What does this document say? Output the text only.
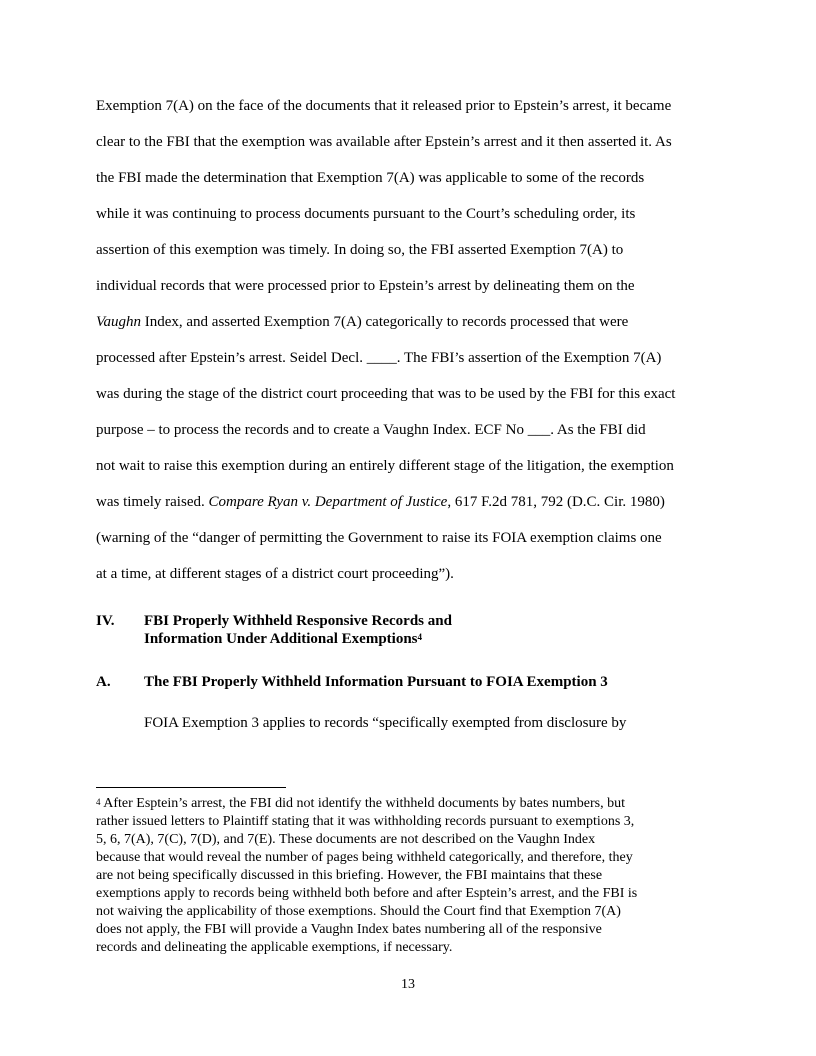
Exemption 7(A) on the face of the documents that it released prior to Epstein’s arrest, it became
clear to the FBI that the exemption was available after Epstein’s arrest and it then asserted it. As
the FBI made the determination that Exemption 7(A) was applicable to some of the records
while it was continuing to process documents pursuant to the Court’s scheduling order, its
assertion of this exemption was timely. In doing so, the FBI asserted Exemption 7(A) to
individual records that were processed prior to Epstein’s arrest by delineating them on the
Vaughn Index, and asserted Exemption 7(A) categorically to records processed that were
processed after Epstein’s arrest. Seidel Decl. ____. The FBI’s assertion of the Exemption 7(A)
was during the stage of the district court proceeding that was to be used by the FBI for this exact
purpose – to process the records and to create a Vaughn Index. ECF No ___. As the FBI did
not wait to raise this exemption during an entirely different stage of the litigation, the exemption
was timely raised. Compare Ryan v. Department of Justice, 617 F.2d 781, 792 (D.C. Cir. 1980)
(warning of the “danger of permitting the Government to raise its FOIA exemption claims one
at a time, at different stages of a district court proceeding”).
IV. FBI Properly Withheld Responsive Records and
Information Under Additional Exemptions$^4$
A. The FBI Properly Withheld Information Pursuant to FOIA Exemption 3
FOIA Exemption 3 applies to records “specifically exempted from disclosure by
$^4$ After Esptein’s arrest, the FBI did not identify the withheld documents by bates numbers, but
rather issued letters to Plaintiff stating that it was withholding records pursuant to exemptions 3,
5, 6, 7(A), 7(C), 7(D), and 7(E). These documents are not described on the Vaughn Index
because that would reveal the number of pages being withheld categorically, and therefore, they
are not being specifically discussed in this briefing. However, the FBI maintains that these
exemptions apply to records being withheld both before and after Esptein’s arrest, and the FBI is
not waiving the applicability of those exemptions. Should the Court find that Exemption 7(A)
does not apply, the FBI will provide a Vaughn Index bates numbering all of the responsive
records and delineating the applicable exemptions, if necessary.
13
